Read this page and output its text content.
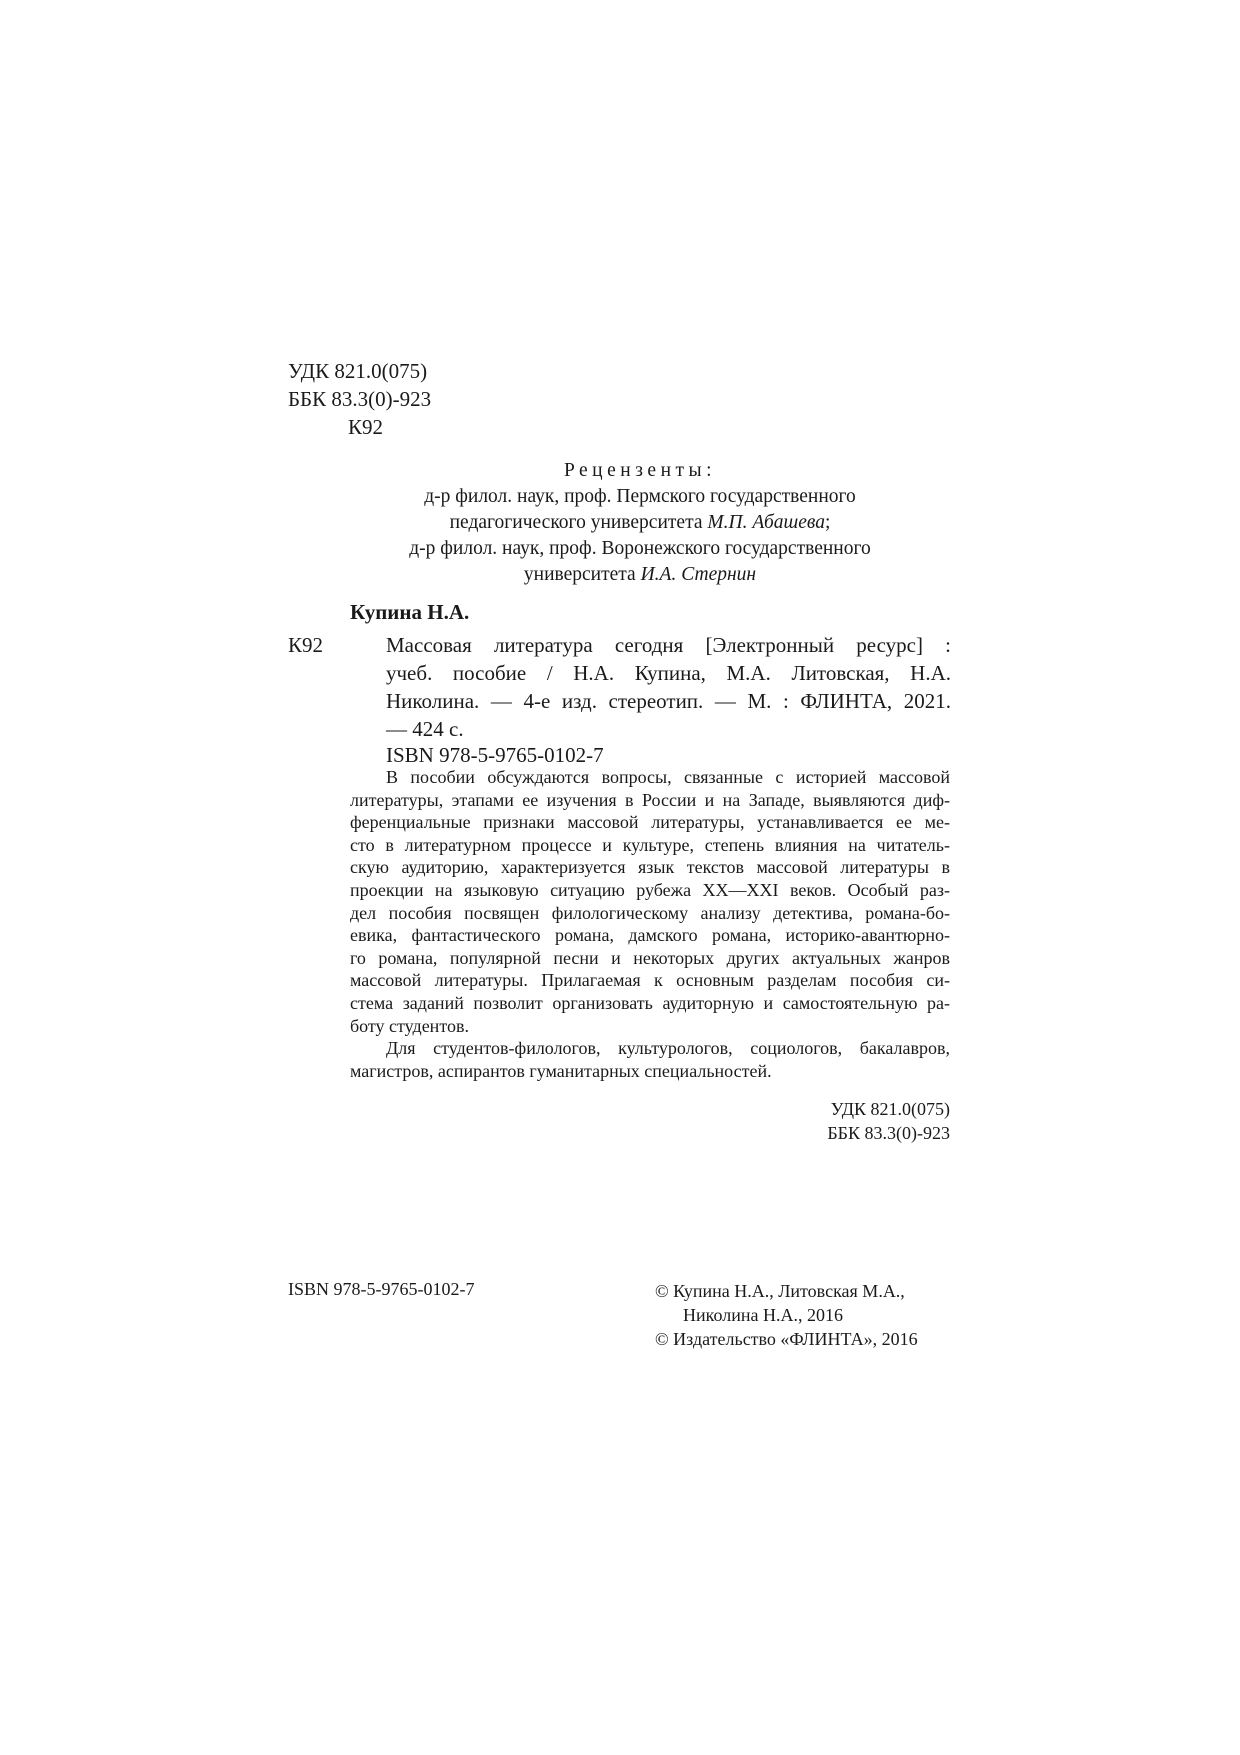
УДК 821.0(075)
ББК 83.3(0)-923
К92
Рецензенты:
д-р филол. наук, проф. Пермского государственного
педагогического университета М.П. Абашева;
д-р филол. наук, проф. Воронежского государственного
университета И.А. Стернин
Купина Н.А.
К92	Массовая литература сегодня [Электронный ресурс] :
учеб. пособие / Н.А. Купина, М.А. Литовская, Н.А.
Николина. — 4-е изд. стереотип. — М. : ФЛИНТА, 2021.
— 424 с.
ISBN 978-5-9765-0102-7
В пособии обсуждаются вопросы, связанные с историей массовой
литературы, этапами ее изучения в России и на Западе, выявляются диф-
ференциальные признаки массовой литературы, устанавливается ее ме-
сто в литературном процессе и культуре, степень влияния на читатель-
скую аудиторию, характеризуется язык текстов массовой литературы в
проекции на языковую ситуацию рубежа XX—XXI веков. Особый раз-
дел пособия посвящен филологическому анализу детектива, романа-бо-
евика, фантастического романа, дамского романа, историко-авантюрно-
го романа, популярной песни и некоторых других актуальных жанров
массовой литературы. Прилагаемая к основным разделам пособия си-
стема заданий позволит организовать аудиторную и самостоятельную ра-
боту студентов.
Для студентов-филологов, культурологов, социологов, бакалавров,
магистров, аспирантов гуманитарных специальностей.
УДК 821.0(075)
ББК 83.3(0)-923
ISBN 978-5-9765-0102-7	© Купина Н.А., Литовская М.А.,
Николина Н.А., 2016
© Издательство «ФЛИНТА», 2016
